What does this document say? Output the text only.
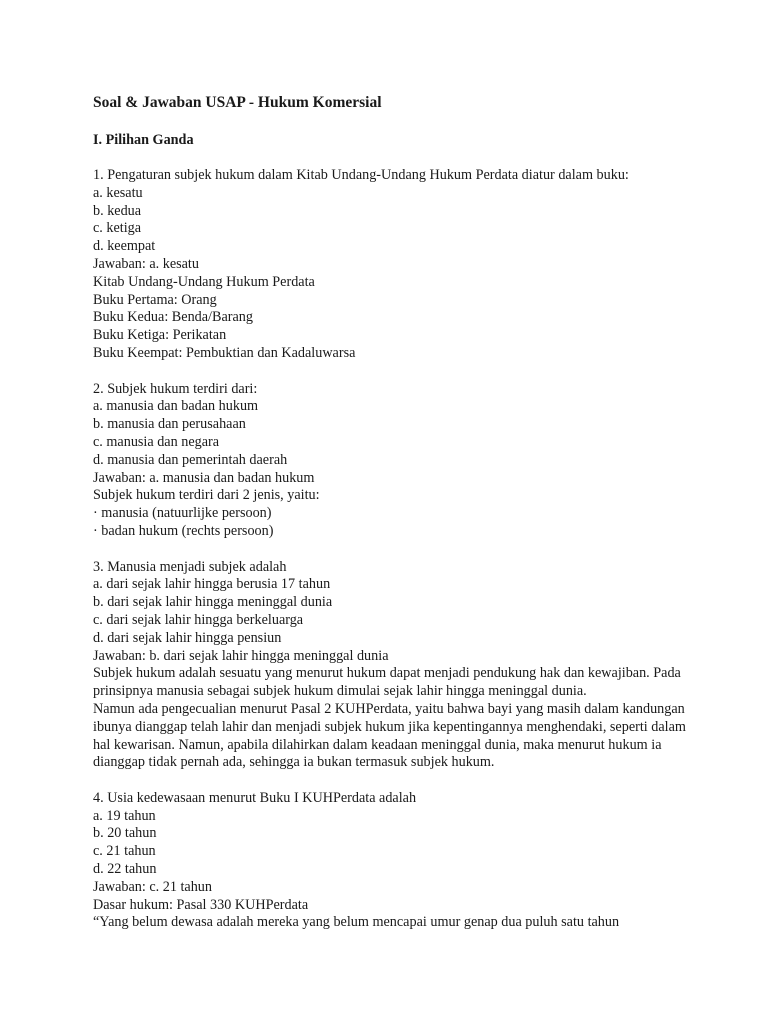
Soal & Jawaban USAP - Hukum Komersial
I. Pilihan Ganda
1. Pengaturan subjek hukum dalam Kitab Undang-Undang Hukum Perdata diatur dalam buku:
a. kesatu
b. kedua
c. ketiga
d. keempat
Jawaban: a. kesatu
Kitab Undang-Undang Hukum Perdata
Buku Pertama: Orang
Buku Kedua: Benda/Barang
Buku Ketiga: Perikatan
Buku Keempat: Pembuktian dan Kadaluwarsa
2. Subjek hukum terdiri dari:
a. manusia dan badan hukum
b. manusia dan perusahaan
c. manusia dan negara
d. manusia dan pemerintah daerah
Jawaban: a. manusia dan badan hukum
Subjek hukum terdiri dari 2 jenis, yaitu:
· manusia (natuurlijke persoon)
· badan hukum (rechts persoon)
3. Manusia menjadi subjek adalah
a. dari sejak lahir hingga berusia 17 tahun
b. dari sejak lahir hingga meninggal dunia
c. dari sejak lahir hingga berkeluarga
d. dari sejak lahir hingga pensiun
Jawaban: b. dari sejak lahir hingga meninggal dunia
Subjek hukum adalah sesuatu yang menurut hukum dapat menjadi pendukung hak dan kewajiban. Pada prinsipnya manusia sebagai subjek hukum dimulai sejak lahir hingga meninggal dunia.
Namun ada pengecualian menurut Pasal 2 KUHPerdata, yaitu bahwa bayi yang masih dalam kandungan ibunya dianggap telah lahir dan menjadi subjek hukum jika kepentingannya menghendaki, seperti dalam hal kewarisan. Namun, apabila dilahirkan dalam keadaan meninggal dunia, maka menurut hukum ia dianggap tidak pernah ada, sehingga ia bukan termasuk subjek hukum.
4. Usia kedewasaan menurut Buku I KUHPerdata adalah
a. 19 tahun
b. 20 tahun
c. 21 tahun
d. 22 tahun
Jawaban: c. 21 tahun
Dasar hukum: Pasal 330 KUHPerdata
“Yang belum dewasa adalah mereka yang belum mencapai umur genap dua puluh satu tahun
